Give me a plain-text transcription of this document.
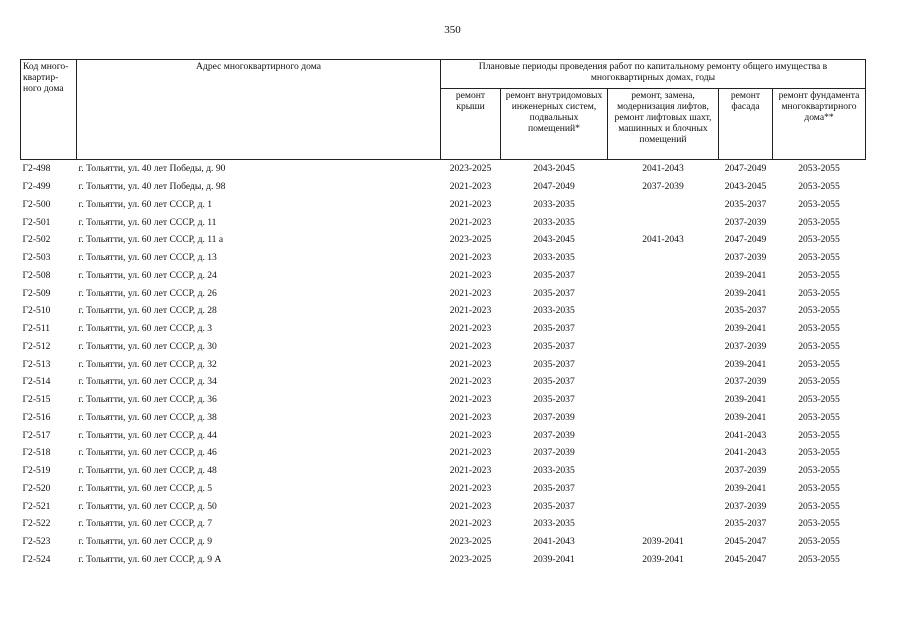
350
Код много-квартир-ного дома	Адрес многоквартирного дома	Плановые периоды проведения работ по капитальному ремонту общего имущества в многоквартирных домах, годы				
		ремонт крыши	ремонт внутридомовых инженерных систем, подвальных помещений*	ремонт, замена, модернизация лифтов, ремонт лифтовых шахт, машинных и блочных помещений	ремонт фасада	ремонт фундамента многоквартирного дома**
Г2-498	г. Тольятти, ул. 40 лет Победы, д. 90	2023-2025	2043-2045	2041-2043	2047-2049	2053-2055
Г2-499	г. Тольятти, ул. 40 лет Победы, д. 98	2021-2023	2047-2049	2037-2039	2043-2045	2053-2055
Г2-500	г. Тольятти, ул. 60 лет СССР, д. 1	2021-2023	2033-2035		2035-2037	2053-2055
Г2-501	г. Тольятти, ул. 60 лет СССР, д. 11	2021-2023	2033-2035		2037-2039	2053-2055
Г2-502	г. Тольятти, ул. 60 лет СССР, д. 11 а	2023-2025	2043-2045	2041-2043	2047-2049	2053-2055
Г2-503	г. Тольятти, ул. 60 лет СССР, д. 13	2021-2023	2033-2035		2037-2039	2053-2055
Г2-508	г. Тольятти, ул. 60 лет СССР, д. 24	2021-2023	2035-2037		2039-2041	2053-2055
Г2-509	г. Тольятти, ул. 60 лет СССР, д. 26	2021-2023	2035-2037		2039-2041	2053-2055
Г2-510	г. Тольятти, ул. 60 лет СССР, д. 28	2021-2023	2033-2035		2035-2037	2053-2055
Г2-511	г. Тольятти, ул. 60 лет СССР, д. 3	2021-2023	2035-2037		2039-2041	2053-2055
Г2-512	г. Тольятти, ул. 60 лет СССР, д. 30	2021-2023	2035-2037		2037-2039	2053-2055
Г2-513	г. Тольятти, ул. 60 лет СССР, д. 32	2021-2023	2035-2037		2039-2041	2053-2055
Г2-514	г. Тольятти, ул. 60 лет СССР, д. 34	2021-2023	2035-2037		2037-2039	2053-2055
Г2-515	г. Тольятти, ул. 60 лет СССР, д. 36	2021-2023	2035-2037		2039-2041	2053-2055
Г2-516	г. Тольятти, ул. 60 лет СССР, д. 38	2021-2023	2037-2039		2039-2041	2053-2055
Г2-517	г. Тольятти, ул. 60 лет СССР, д. 44	2021-2023	2037-2039		2041-2043	2053-2055
Г2-518	г. Тольятти, ул. 60 лет СССР, д. 46	2021-2023	2037-2039		2041-2043	2053-2055
Г2-519	г. Тольятти, ул. 60 лет СССР, д. 48	2021-2023	2033-2035		2037-2039	2053-2055
Г2-520	г. Тольятти, ул. 60 лет СССР, д. 5	2021-2023	2035-2037		2039-2041	2053-2055
Г2-521	г. Тольятти, ул. 60 лет СССР, д. 50	2021-2023	2035-2037		2037-2039	2053-2055
Г2-522	г. Тольятти, ул. 60 лет СССР, д. 7	2021-2023	2033-2035		2035-2037	2053-2055
Г2-523	г. Тольятти, ул. 60 лет СССР, д. 9	2023-2025	2041-2043	2039-2041	2045-2047	2053-2055
Г2-524	г. Тольятти, ул. 60 лет СССР, д. 9 А	2023-2025	2039-2041	2039-2041	2045-2047	2053-2055
